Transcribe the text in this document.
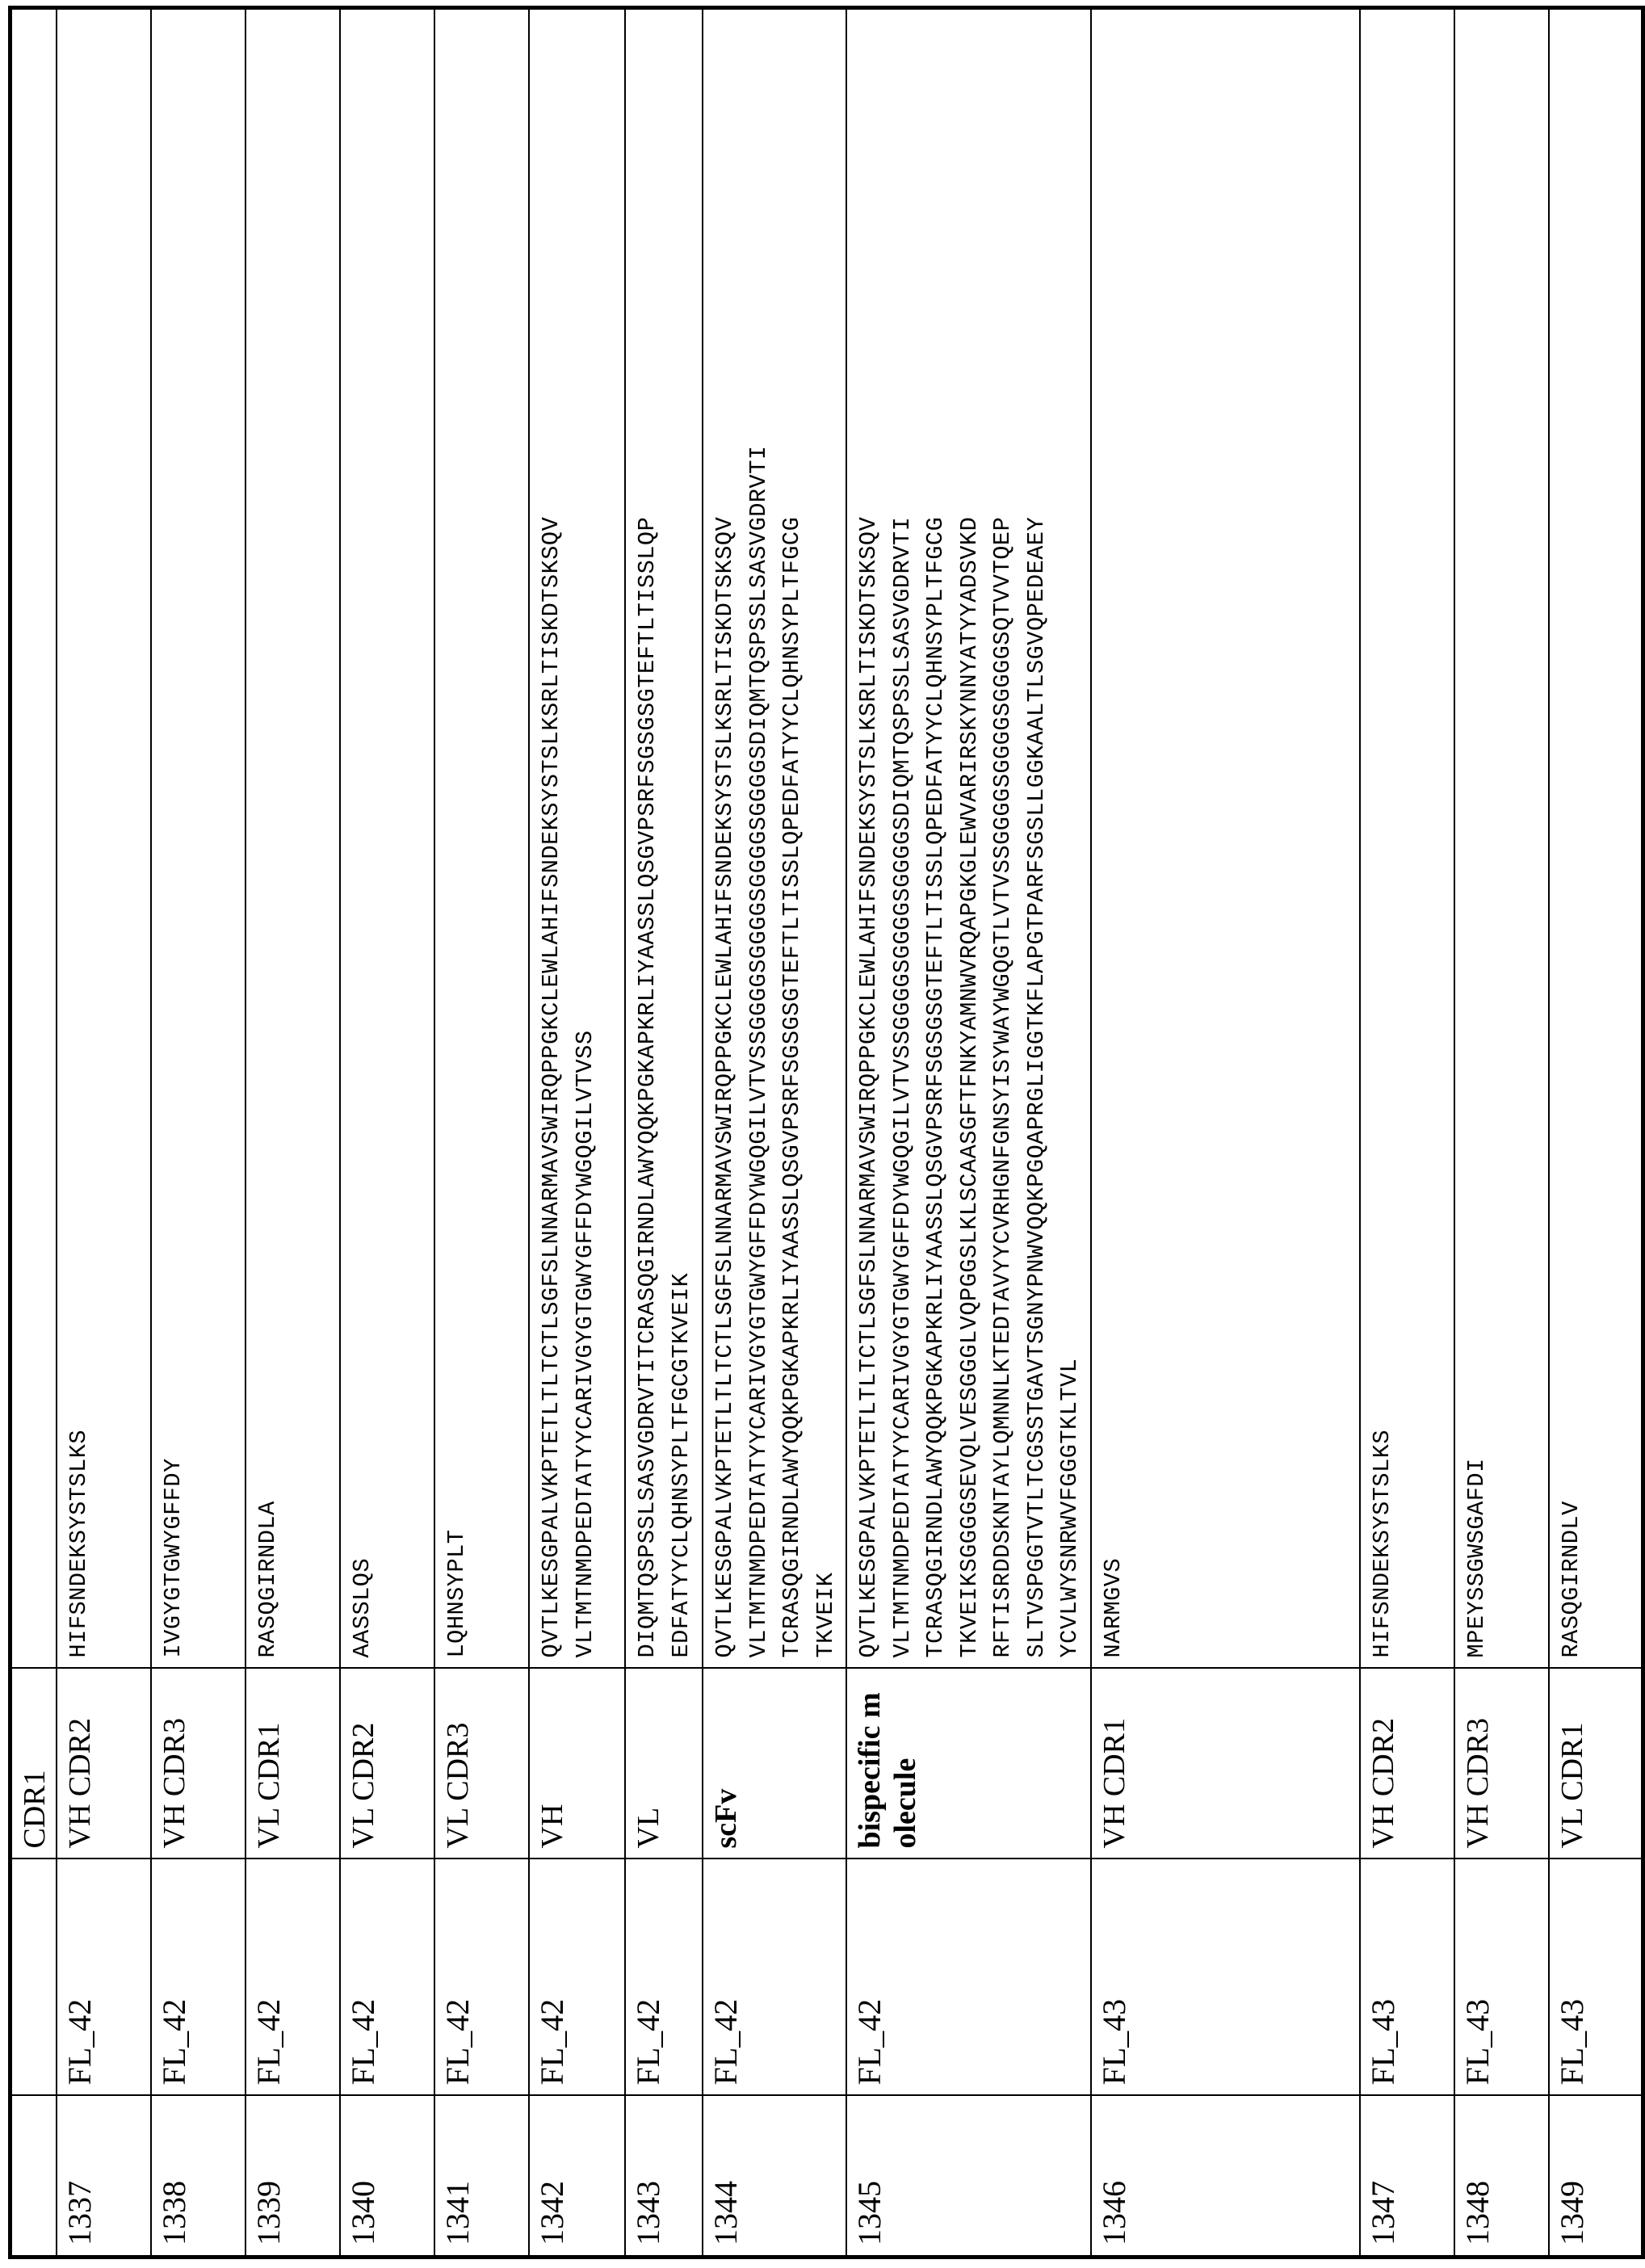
		CDR1	
1337	FL_42	VH CDR2	HIFSNDEKSYSTSLKS

1338	FL_42	VH CDR3	IVGYGTGWYGFFDY

1339	FL_42	VL CDR1	RASQGIRNDLA

1340	FL_42	VL CDR2	AASSLQS

1341	FL_42	VL CDR3	LQHNSYPLT

1342	FL_42	VH	QVTLKESGPALVKPTETLTLTCTLSGFSLNNARMAVSWIRQPPGKCLEWLAHIFSNDEKSYSTSLKSRLTISKDTSKSQV VLTMTNMDPEDTATYYCARIVGYGTGWYGFFDYWGQGILVTVSS

1343	FL_42	VL	DIQMTQSPSSLSASVGDRVTITCRASQGIRNDLAWYQQKPGKAPKRLIYAASSLQSGVPSRFSGSGSGTEFTLTISSLQP EDFATYYCLQHNSYPLTFGCGTKVEIK

1344	FL_42	scFv	QVTLKESGPALVKPTETLTLTCTLSGFSLNNARMAVSWIRQPPGKCLEWLAHIFSNDEKSYSTSLKSRLTISKDTSKSQV VLTMTNMDPEDTATYYCARIVGYGTGWYGFFDYWGQGILVTVSSGGGGSGGGGSGGGGSGGGGSDIQMTQSPSSLSASVGDRVTI TCRASQGIRNDLAWYQQKPGKAPKRLIYAASSLQSGVPSRFSGSGSGTEFTLTISSLQPEDFATYYCLQHNSYPLTFGCG TKVEIK

1345	FL_42	bispecific molecule	
QVTLKESGPALVKPTETLTLTCTLSGFSLNNARMAVSWIRQPPGKCLEWLAHIFSNDEKSYSTSLKSRLTISKDTSKSQV VLTMTNMDPEDTATYYCARIVGYGTGWYGFFDYWGQGILVTVSSGGGGSGGGGSGGGGSDIQMTQSPSSLSASVGDRVTI TCRASQGIRNDLAWYQQKPGKAPKRLIYAASSLQSGVPSRFSGSGSGTEFTLTISSLQPEDFATYYCLQHNSYPLTFGCG TKVEIKSGGGGSEVQLVESGGGLVQPGGSLKLSCAASGFTFNKYAMNWVRQAPGKGLEWVARIRSKYNNYATYYADSVKD RFTISRDDSKNTAYLQMNNLKTEDTAVYYCVRHGNFGNSYISYWAYWGQGTLVTVSSGGGGSGGGGSGGGGSQTVVTQEP SLTVSPGGTVTLTCGSSTGAVTSGNYPNWVQQKPGQAPRGLIGGTKFLAPGTPARFSGSLLGGKAALTLSGVQPEDEAEY YCVLWYSNRWVFGGGTKLTVL

1346	FL_43	VH CDR1	NARMGVS

1347	FL_43	VH CDR2	HIFSNDEKSYSTSLKS

1348	FL_43	VH CDR3	MPEYSSGWSGAFDI

1349	FL_43	VL CDR1	RASQGIRNDLV
